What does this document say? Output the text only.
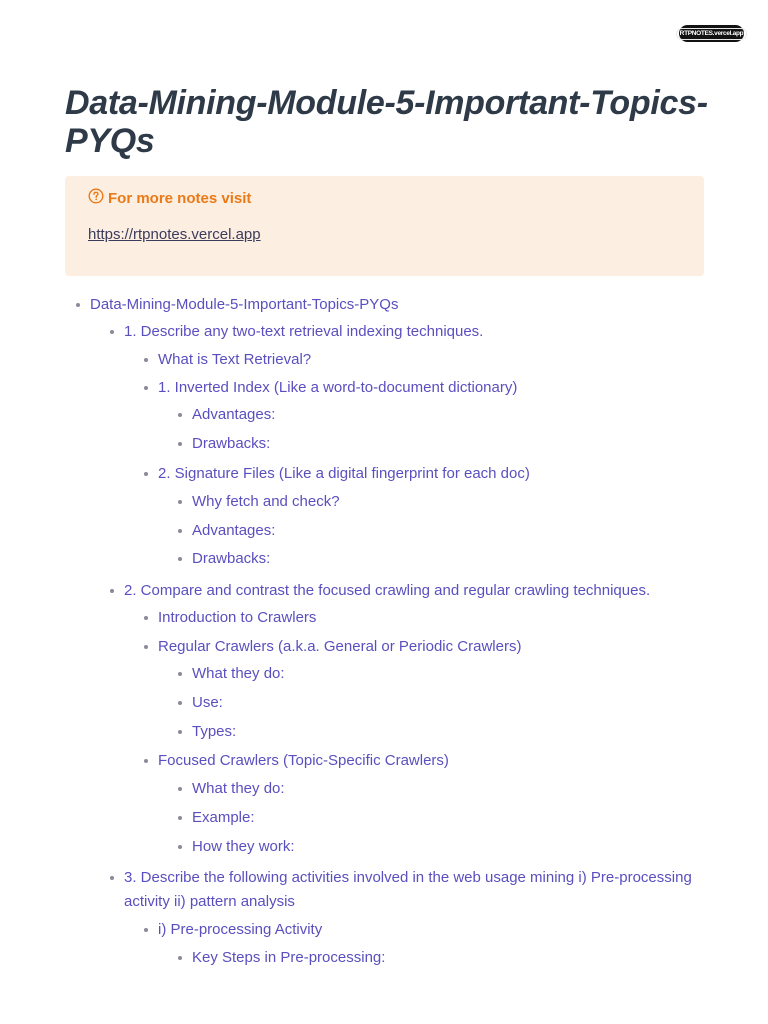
RTPNOTES.vercel.app
Data-Mining-Module-5-Important-Topics-PYQs
For more notes visit
https://rtpnotes.vercel.app
Data-Mining-Module-5-Important-Topics-PYQs
1. Describe any two-text retrieval indexing techniques.
What is Text Retrieval?
1. Inverted Index (Like a word-to-document dictionary)
Advantages:
Drawbacks:
2. Signature Files (Like a digital fingerprint for each doc)
Why fetch and check?
Advantages:
Drawbacks:
2. Compare and contrast the focused crawling and regular crawling techniques.
Introduction to Crawlers
Regular Crawlers (a.k.a. General or Periodic Crawlers)
What they do:
Use:
Types:
Focused Crawlers (Topic-Specific Crawlers)
What they do:
Example:
How they work:
3. Describe the following activities involved in the web usage mining i) Pre-processing activity ii) pattern analysis
i) Pre-processing Activity
Key Steps in Pre-processing:
